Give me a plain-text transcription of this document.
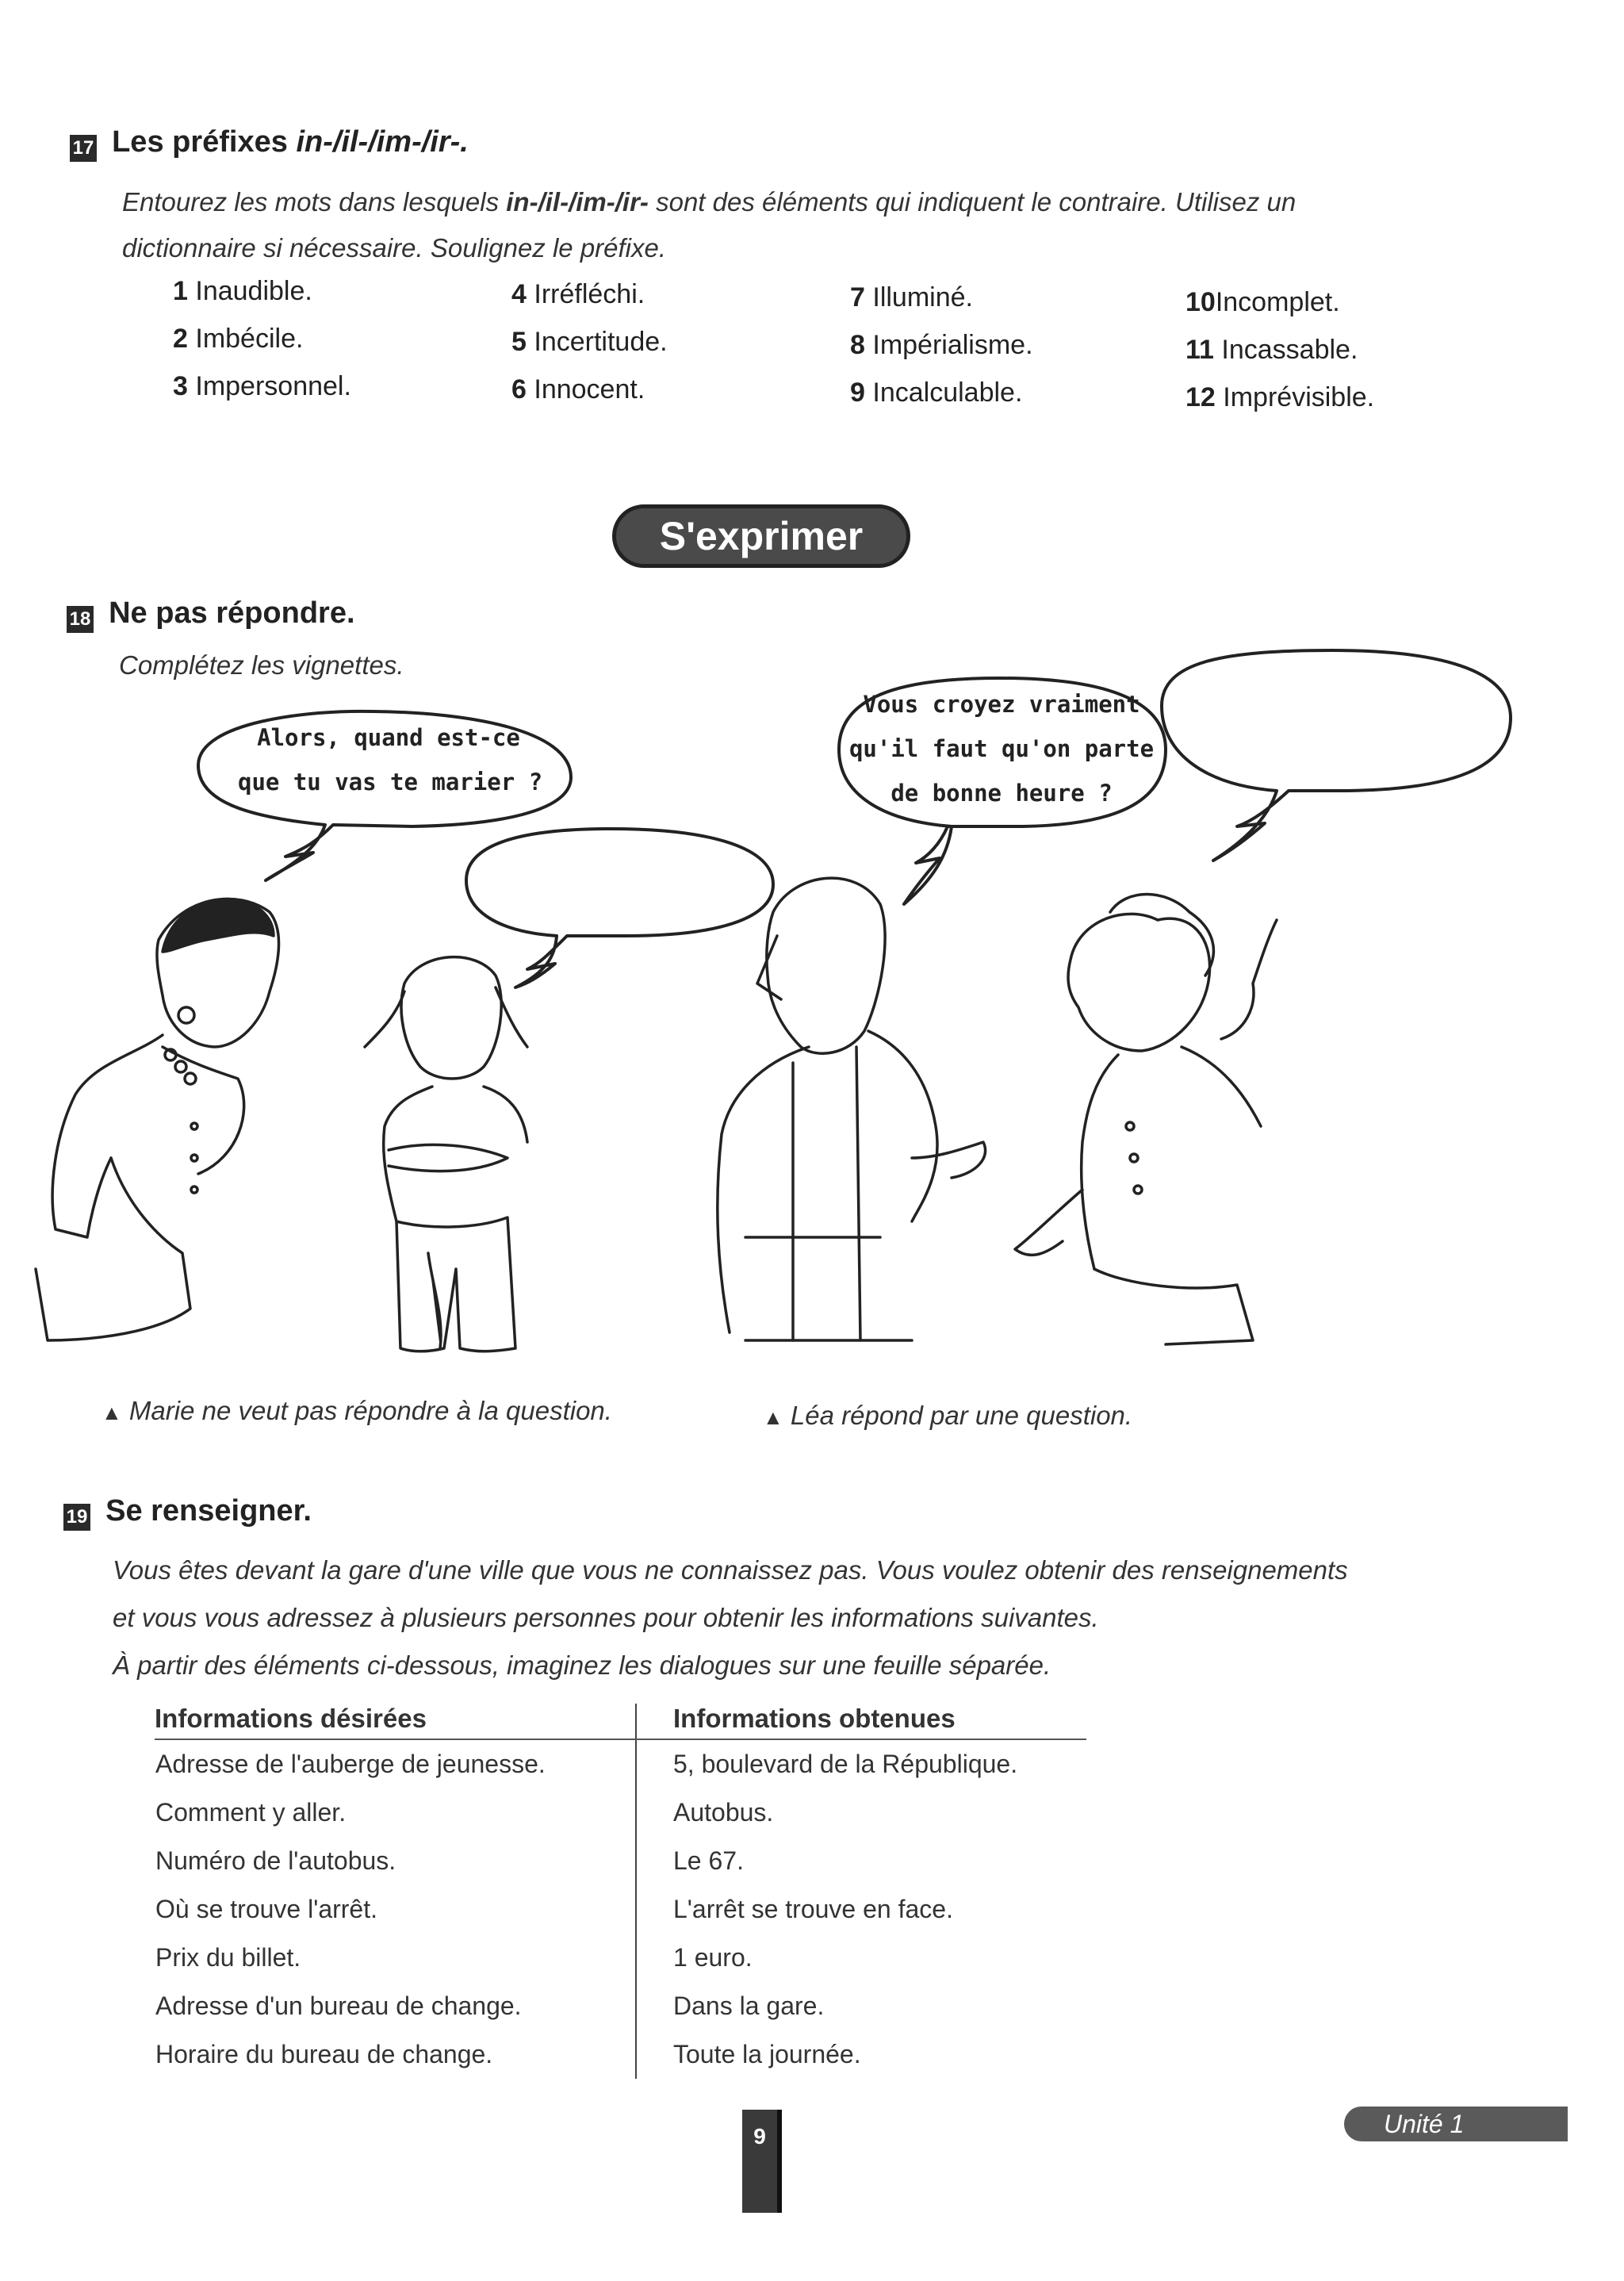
17 Les préfixes in-/il-/im-/ir-.
Entourez les mots dans lesquels in-/il-/im-/ir- sont des éléments qui indiquent le contraire. Utilisez un
dictionnaire si nécessaire. Soulignez le préfixe.
1 Inaudible.
2 Imbécile.
3 Impersonnel.
4 Irréfléchi.
5 Incertitude.
6 Innocent.
7 Illuminé.
8 Impérialisme.
9 Incalculable.
10Incomplet.
11 Incassable.
12 Imprévisible.
S'exprimer
18 Ne pas répondre.
Complétez les vignettes.
Alors, quand est-ce
que tu vas te marier ?
Vous croyez vraiment
qu'il faut qu'on parte
de bonne heure ?
▲ Marie ne veut pas répondre à la question.	▲ Léa répond par une question.
19 Se renseigner.
Vous êtes devant la gare d'une ville que vous ne connaissez pas. Vous voulez obtenir des renseignements
et vous vous adressez à plusieurs personnes pour obtenir les informations suivantes.
À partir des éléments ci-dessous, imaginez les dialogues sur une feuille séparée.
Informations désirées	Informations obtenues
Adresse de l'auberge de jeunesse.	5, boulevard de la République.
Comment y aller.	Autobus.
Numéro de l'autobus.	Le 67.
Où se trouve l'arrêt.	L'arrêt se trouve en face.
Prix du billet.	1 euro.
Adresse d'un bureau de change.	Dans la gare.
Horaire du bureau de change.	Toute la journée.
9	Unité 1
